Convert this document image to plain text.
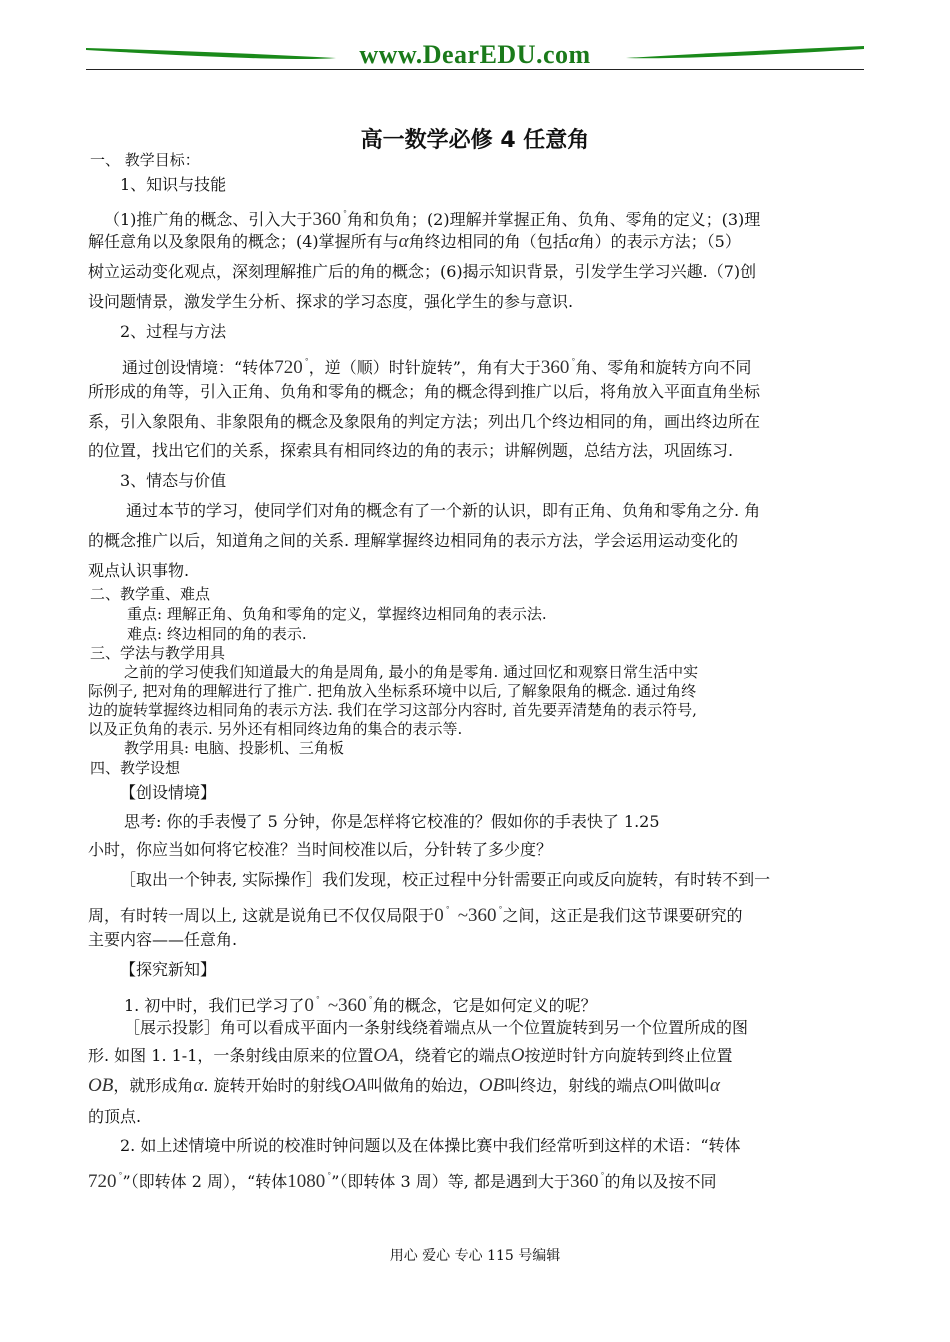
www.DearEDU.com
高一数学必修 4 任意角
一、 教学目标：
1、知识与技能
（1)推广角的概念、引入大于360 °角和负角；(2)理解并掌握正角、负角、零角的定义；(3)理
解任意角以及象限角的概念；(4)掌握所有与α角终边相同的角（包括α角）的表示方法；（5）
树立运动变化观点，深刻理解推广后的角的概念；(6)揭示知识背景，引发学生学习兴趣.（7)创
设问题情景，激发学生分析、探求的学习态度，强化学生的参与意识.
2、过程与方法
通过创设情境：“转体720 °，逆（顺）时针旋转”，角有大于360 °角、零角和旋转方向不同
所形成的角等，引入正角、负角和零角的概念；角的概念得到推广以后，将角放入平面直角坐标
系，引入象限角、非象限角的概念及象限角的判定方法；列出几个终边相同的角，画出终边所在
的位置，找出它们的关系，探索具有相同终边的角的表示；讲解例题，总结方法，巩固练习.
3、情态与价值
通过本节的学习，使同学们对角的概念有了一个新的认识，即有正角、负角和零角之分. 角
的概念推广以后，知道角之间的关系. 理解掌握终边相同角的表示方法，学会运用运动变化的
观点认识事物.
二、教学重、难点
重点: 理解正角、负角和零角的定义，掌握终边相同角的表示法.
难点: 终边相同的角的表示.
三、学法与教学用具
之前的学习使我们知道最大的角是周角, 最小的角是零角. 通过回忆和观察日常生活中实
际例子, 把对角的理解进行了推广. 把角放入坐标系环境中以后, 了解象限角的概念. 通过角终
边的旋转掌握终边相同角的表示方法. 我们在学习这部分内容时, 首先要弄清楚角的表示符号,
以及正负角的表示. 另外还有相同终边角的集合的表示等.
教学用具: 电脑、投影机、三角板
四、教学设想
【创设情境】
思考: 你的手表慢了 5 分钟，你是怎样将它校准的？假如你的手表快了 1.25
小时，你应当如何将它校准？当时间校准以后，分针转了多少度？
［取出一个钟表, 实际操作］我们发现，校正过程中分针需要正向或反向旋转，有时转不到一
周，有时转一周以上, 这就是说角已不仅仅局限于0 ° ~360 °之间，这正是我们这节课要研究的
主要内容——任意角.
【探究新知】
1. 初中时，我们已学习了0 ° ~360 °角的概念，它是如何定义的呢？
［展示投影］角可以看成平面内一条射线绕着端点从一个位置旋转到另一个位置所成的图
形. 如图 1. 1-1，一条射线由原来的位置OA，绕着它的端点O按逆时针方向旋转到终止位置
OB，就形成角α. 旋转开始时的射线OA叫做角的始边，OB叫终边，射线的端点O叫做叫α
的顶点.
2. 如上述情境中所说的校准时钟问题以及在体操比赛中我们经常听到这样的术语：“转体
720 °”（即转体 2 周），“转体1080 °”（即转体 3 周）等, 都是遇到大于360 °的角以及按不同
用心 爱心 专心 115 号编辑
